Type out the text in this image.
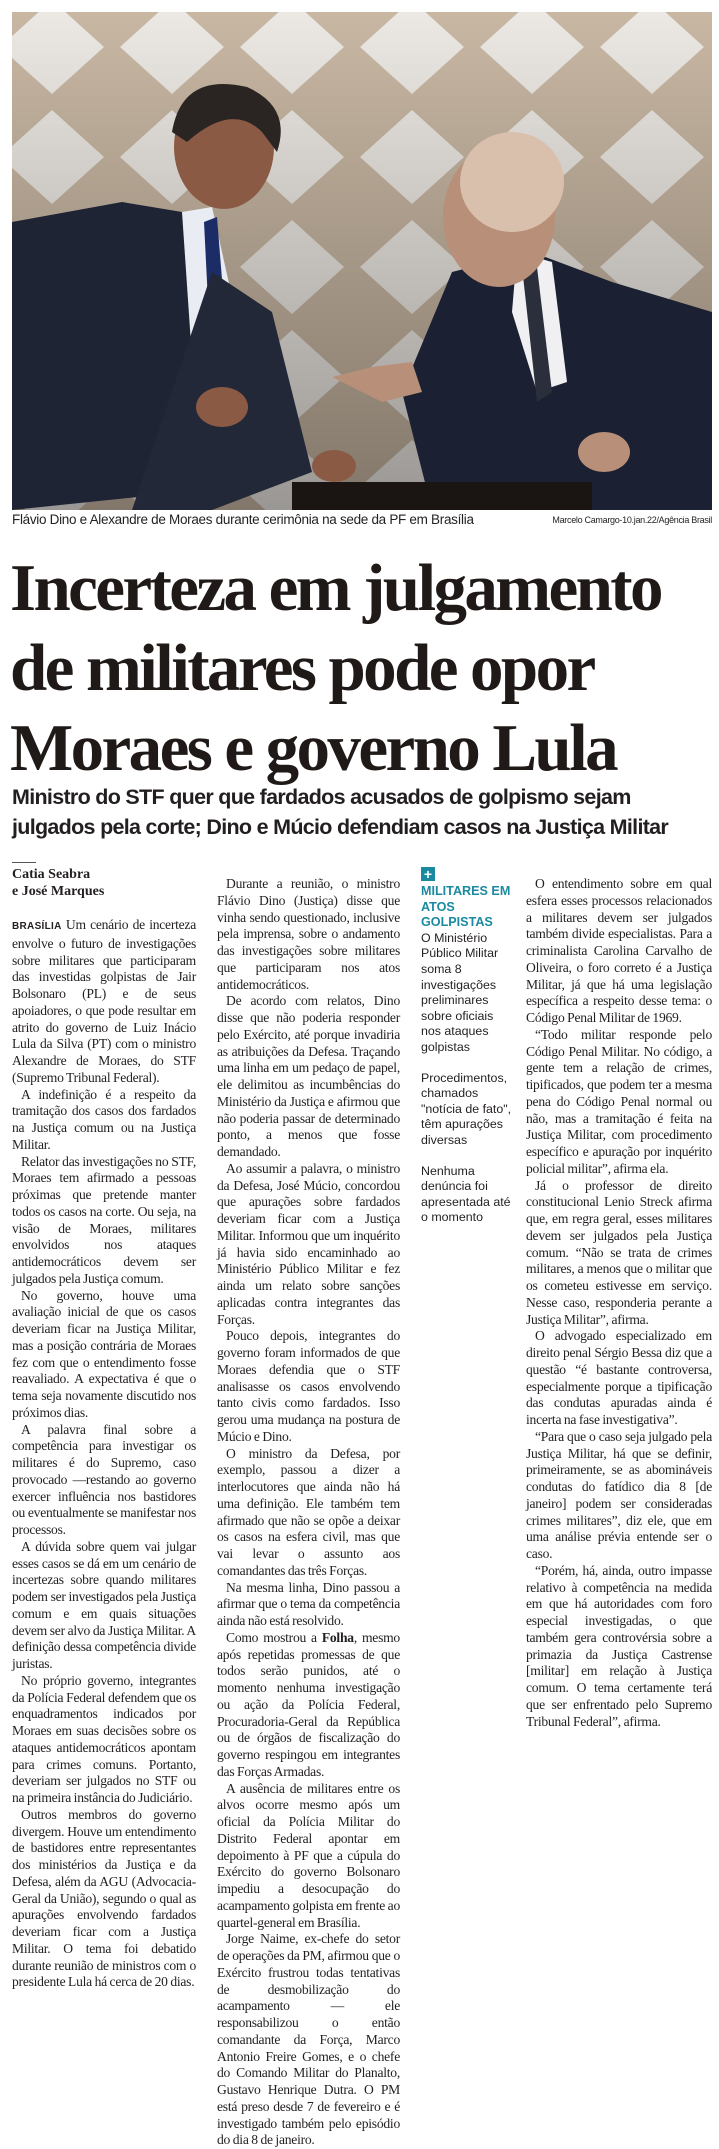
Flávio Dino e Alexandre de Moraes durante cerimônia na sede da PF em Brasília	Marcelo Camargo-10.jan.22/Agência Brasil
Incerteza em julgamento
de militares pode opor
Moraes e governo Lula
Ministro do STF quer que fardados acusados de golpismo sejam
julgados pela corte; Dino e Múcio defendiam casos na Justiça Militar
Catia Seabra
e José Marques

BRASÍLIA Um cenário de incerteza envolve o futuro de investigações sobre militares que participaram das investidas golpistas de Jair Bolsonaro (PL) e de seus apoiadores, o que pode resultar em atrito do governo de Luiz Inácio Lula da Silva (PT) com o ministro Alexandre de Moraes, do STF (Supremo Tribunal Federal).

A indefinição é a respeito da tramitação dos casos dos fardados na Justiça comum ou na Justiça Militar.

Relator das investigações no STF, Moraes tem afirmado a pessoas próximas que pretende manter todos os casos na corte. Ou seja, na visão de Moraes, militares envolvidos nos ataques antidemocráticos devem ser julgados pela Justiça comum.

No governo, houve uma avaliação inicial de que os casos deveriam ficar na Justiça Militar, mas a posição contrária de Moraes fez com que o entendimento fosse reavaliado. A expectativa é que o tema seja novamente discutido nos próximos dias.

A palavra final sobre a competência para investigar os militares é do Supremo, caso provocado —restando ao governo exercer influência nos bastidores ou eventualmente se manifestar nos processos.

A dúvida sobre quem vai julgar esses casos se dá em um cenário de incertezas sobre quando militares podem ser investigados pela Justiça comum e em quais situações devem ser alvo da Justiça Militar. A definição dessa competência divide juristas.

No próprio governo, integrantes da Polícia Federal defendem que os enquadramentos indicados por Moraes em suas decisões sobre os ataques antidemocráticos apontam para crimes comuns. Portanto, deveriam ser julgados no STF ou na primeira instância do Judiciário.

Outros membros do governo divergem. Houve um entendimento de bastidores entre representantes dos ministérios da Justiça e da Defesa, além da AGU (Advocacia-Geral da União), segundo o qual as apurações envolvendo fardados deveriam ficar com a Justiça Militar. O tema foi debatido durante reunião de ministros com o presidente Lula há cerca de 20 dias.

Durante a reunião, o ministro Flávio Dino (Justiça) disse que vinha sendo questionado, inclusive pela imprensa, sobre o andamento das investigações sobre militares que participaram nos atos antidemocráticos.

De acordo com relatos, Dino disse que não poderia responder pelo Exército, até porque invadiria as atribuições da Defesa. Traçando uma linha em um pedaço de papel, ele delimitou as incumbências do Ministério da Justiça e afirmou que não poderia passar de determinado ponto, a menos que fosse demandado.

Ao assumir a palavra, o ministro da Defesa, José Múcio, concordou que apurações sobre fardados deveriam ficar com a Justiça Militar. Informou que um inquérito já havia sido encaminhado ao Ministério Público Militar e fez ainda um relato sobre sanções aplicadas contra integrantes das Forças.

Pouco depois, integrantes do governo foram informados de que Moraes defendia que o STF analisasse os casos envolvendo tanto civis como fardados. Isso gerou uma mudança na postura de Múcio e Dino.

O ministro da Defesa, por exemplo, passou a dizer a interlocutores que ainda não há uma definição. Ele também tem afirmado que não se opõe a deixar os casos na esfera civil, mas que vai levar o assunto aos comandantes das três Forças.

Na mesma linha, Dino passou a afirmar que o tema da competência ainda não está resolvido.

Como mostrou a Folha, mesmo após repetidas promessas de que todos serão punidos, até o momento nenhuma investigação ou ação da Polícia Federal, Procuradoria-Geral da República ou de órgãos de fiscalização do governo respingou em integrantes das Forças Armadas.

A ausência de militares entre os alvos ocorre mesmo após um oficial da Polícia Militar do Distrito Federal apontar em depoimento à PF que a cúpula do Exército do governo Bolsonaro impediu a desocupação do acampamento golpista em frente ao quartel-general em Brasília.

Jorge Naime, ex-chefe do setor de operações da PM, afirmou que o Exército frustrou todas tentativas de desmobilização do acampamento — ele responsabilizou o então comandante da Força, Marco Antonio Freire Gomes, e o chefe do Comando Militar do Planalto, Gustavo Henrique Dutra. O PM está preso desde 7 de fevereiro e é investigado também pelo episódio do dia 8 de janeiro.

+
MILITARES EM ATOS GOLPISTAS

O Ministério Público Militar soma 8 investigações preliminares sobre oficiais nos ataques golpistas

Procedimentos, chamados "notícia de fato", têm apurações diversas

Nenhuma denúncia foi apresentada até o momento

O entendimento sobre em qual esfera esses processos relacionados a militares devem ser julgados também divide especialistas. Para a criminalista Carolina Carvalho de Oliveira, o foro correto é a Justiça Militar, já que há uma legislação específica a respeito desse tema: o Código Penal Militar de 1969.

“Todo militar responde pelo Código Penal Militar. No código, a gente tem a relação de crimes, tipificados, que podem ter a mesma pena do Código Penal normal ou não, mas a tramitação é feita na Justiça Militar, com procedimento específico e apuração por inquérito policial militar”, afirma ela.

Já o professor de direito constitucional Lenio Streck afirma que, em regra geral, esses militares devem ser julgados pela Justiça comum. “Não se trata de crimes militares, a menos que o militar que os cometeu estivesse em serviço. Nesse caso, responderia perante a Justiça Militar”, afirma.

O advogado especializado em direito penal Sérgio Bessa diz que a questão “é bastante controversa, especialmente porque a tipificação das condutas apuradas ainda é incerta na fase investigativa”.

“Para que o caso seja julgado pela Justiça Militar, há que se definir, primeiramente, se as abomináveis condutas do fatídico dia 8 [de janeiro] podem ser consideradas crimes militares”, diz ele, que em uma análise prévia entende ser o caso.

“Porém, há, ainda, outro impasse relativo à competência na medida em que há autoridades com foro especial investigadas, o que também gera controvérsia sobre a primazia da Justiça Castrense [militar] em relação à Justiça comum. O tema certamente terá que ser enfrentado pelo Supremo Tribunal Federal”, afirma.
